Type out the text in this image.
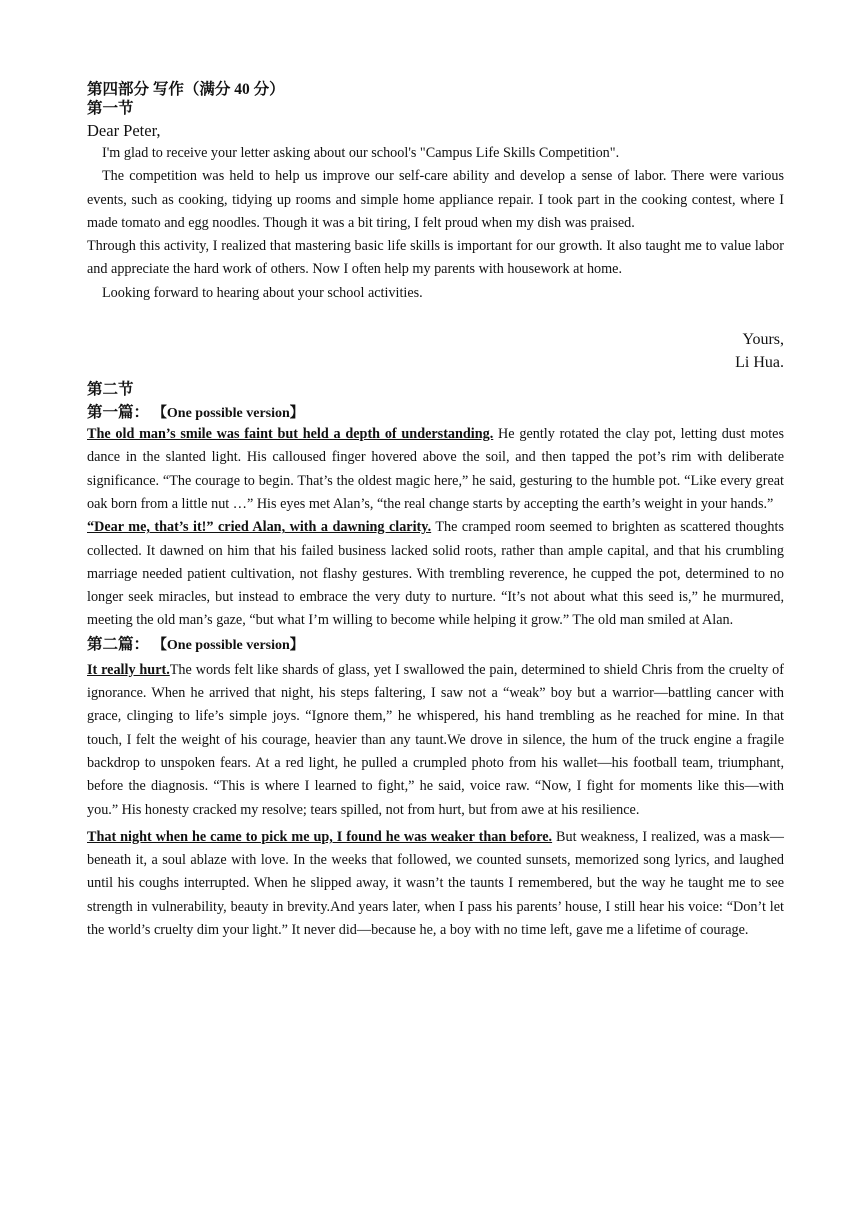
第四部分 写作（满分 40 分）
第一节
Dear Peter,

I'm glad to receive your letter asking about our school's "Campus Life Skills Competition".

The competition was held to help us improve our self-care ability and develop a sense of labor. There were various events, such as cooking, tidying up rooms and simple home appliance repair. I took part in the cooking contest, where I made tomato and egg noodles. Though it was a bit tiring, I felt proud when my dish was praised.

Through this activity, I realized that mastering basic life skills is important for our growth. It also taught me to value labor and appreciate the hard work of others. Now I often help my parents with housework at home.

Looking forward to hearing about your school activities.

Yours,
Li Hua.
第二节
第一篇： 【One possible version】

The old man’s smile was faint but held a depth of understanding. He gently rotated the clay pot, letting dust motes dance in the slanted light. His calloused finger hovered above the soil, and then tapped the pot’s rim with deliberate significance. “The courage to begin. That’s the oldest magic here,” he said, gesturing to the humble pot. “Like every great oak born from a little nut …” His eyes met Alan’s, “the real change starts by accepting the earth’s weight in your hands.”

“Dear me, that’s it!” cried Alan, with a dawning clarity. The cramped room seemed to brighten as scattered thoughts collected. It dawned on him that his failed business lacked solid roots, rather than ample capital, and that his crumbling marriage needed patient cultivation, not flashy gestures. With trembling reverence, he cupped the pot, determined to no longer seek miracles, but instead to embrace the very duty to nurture. “It’s not about what this seed is,” he murmured, meeting the old man’s gaze, “but what I’m willing to become while helping it grow.” The old man smiled at Alan.

第二篇： 【One possible version】

It really hurt.The words felt like shards of glass, yet I swallowed the pain, determined to shield Chris from the cruelty of ignorance. When he arrived that night, his steps faltering, I saw not a “weak” boy but a warrior—battling cancer with grace, clinging to life’s simple joys. “Ignore them,” he whispered, his hand trembling as he reached for mine. In that touch, I felt the weight of his courage, heavier than any taunt.We drove in silence, the hum of the truck engine a fragile backdrop to unspoken fears. At a red light, he pulled a crumpled photo from his wallet—his football team, triumphant, before the diagnosis. “This is where I learned to fight,” he said, voice raw. “Now, I fight for moments like this—with you.” His honesty cracked my resolve; tears spilled, not from hurt, but from awe at his resilience.

That night when he came to pick me up, I found he was weaker than before. But weakness, I realized, was a mask—beneath it, a soul ablaze with love. In the weeks that followed, we counted sunsets, memorized song lyrics, and laughed until his coughs interrupted. When he slipped away, it wasn’t the taunts I remembered, but the way he taught me to see strength in vulnerability, beauty in brevity.And years later, when I pass his parents’ house, I still hear his voice: “Don’t let the world’s cruelty dim your light.” It never did—because he, a boy with no time left, gave me a lifetime of courage.
